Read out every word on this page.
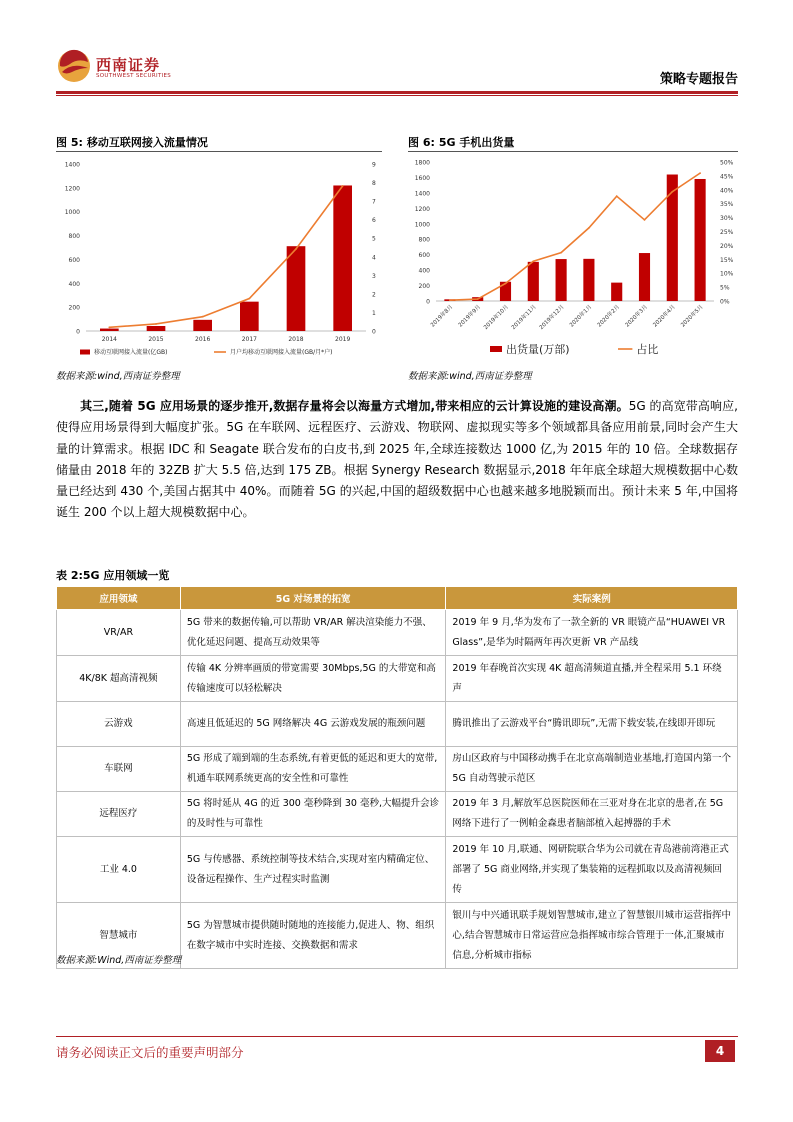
西南证券
SOUTHWEST SECURITIES	策略专题报告
图 5: 移动互联网接入流量情况
0
200
400
600
800
1000
1200
1400
0
1
2
3
4
5
6
7
8
9
2014	2015	2016	2017	2018	2019
移动互联网接入流量(亿GB)	月户均移动互联网接入流量(GB/月*户)
数据来源:wind,西南证券整理
图 6: 5G 手机出货量
0
200
400
600
800
1000
1200
1400
1600
1800
0%
5%
10%
15%
20%
25%
30%
35%
40%
45%
50%
2019年8月 2019年9月 2019年10月 2019年11月 2019年12月 2020年1月 2020年2月 2020年3月 2020年4月 2020年5月
出货量(万部)	占比
数据来源:wind,西南证券整理
其三,随着 5G 应用场景的逐步推开,数据存量将会以海量方式增加,带来相应的云计算设施的建设高潮。5G 的高宽带高响应,使得应用场景得到大幅度扩张。5G 在车联网、远程医疗、云游戏、物联网、虚拟现实等多个领域都具备应用前景,同时会产生大量的计算需求。根据 IDC 和 Seagate 联合发布的白皮书,到 2025 年,全球连接数达 1000 亿,为 2015 年的 10 倍。全球数据存储量由 2018 年的 32ZB 扩大 5.5 倍,达到 175 ZB。根据 Synergy Research 数据显示,2018 年年底全球超大规模数据中心数量已经达到 430 个,美国占据其中 40%。而随着 5G 的兴起,中国的超级数据中心也越来越多地脱颖而出。预计未来 5 年,中国将诞生 200 个以上超大规模数据中心。
表 2:5G 应用领域一览
应用领域	5G 对场景的拓宽	实际案例
VR/AR	5G 带来的数据传输,可以帮助 VR/AR 解决渲染能力不强、优化延迟问题、提高互动效果等	2019 年 9 月,华为发布了一款全新的 VR 眼镜产品“HUAWEI VR Glass”,是华为时隔两年再次更新 VR 产品线
4K/8K 超高清视频	传输 4K 分辨率画质的带宽需要 30Mbps,5G 的大带宽和高传输速度可以轻松解决	2019 年春晚首次实现 4K 超高清频道直播,并全程采用 5.1 环绕声
云游戏	高速且低延迟的 5G 网络解决 4G 云游戏发展的瓶颈问题	腾讯推出了云游戏平台“腾讯即玩”,无需下载安装,在线即开即玩
车联网	5G 形成了端到端的生态系统,有着更低的延迟和更大的宽带,机通车联网系统更高的安全性和可靠性	房山区政府与中国移动携手在北京高端制造业基地,打造国内第一个 5G 自动驾驶示范区
远程医疗	5G 将时延从 4G 的近 300 毫秒降到 30 毫秒,大幅提升会诊的及时性与可靠性	2019 年 3 月,解放军总医院医师在三亚对身在北京的患者,在 5G 网络下进行了一例帕金森患者脑部植入起搏器的手术
工业 4.0	5G 与传感器、系统控制等技术结合,实现对室内精确定位、设备远程操作、生产过程实时监测	2019 年 10 月,联通、网研院联合华为公司就在青岛港前湾港正式部署了 5G 商业网络,并实现了集装箱的远程抓取以及高清视频回传
智慧城市	5G 为智慧城市提供随时随地的连接能力,促进人、物、组织在数字城市中实时连接、交换数据和需求	银川与中兴通讯联手规划智慧城市,建立了智慧银川城市运营指挥中心,结合智慧城市日常运营应急指挥城市综合管理于一体,汇聚城市信息,分析城市指标
数据来源:Wind,西南证券整理
请务必阅读正文后的重要声明部分	4
